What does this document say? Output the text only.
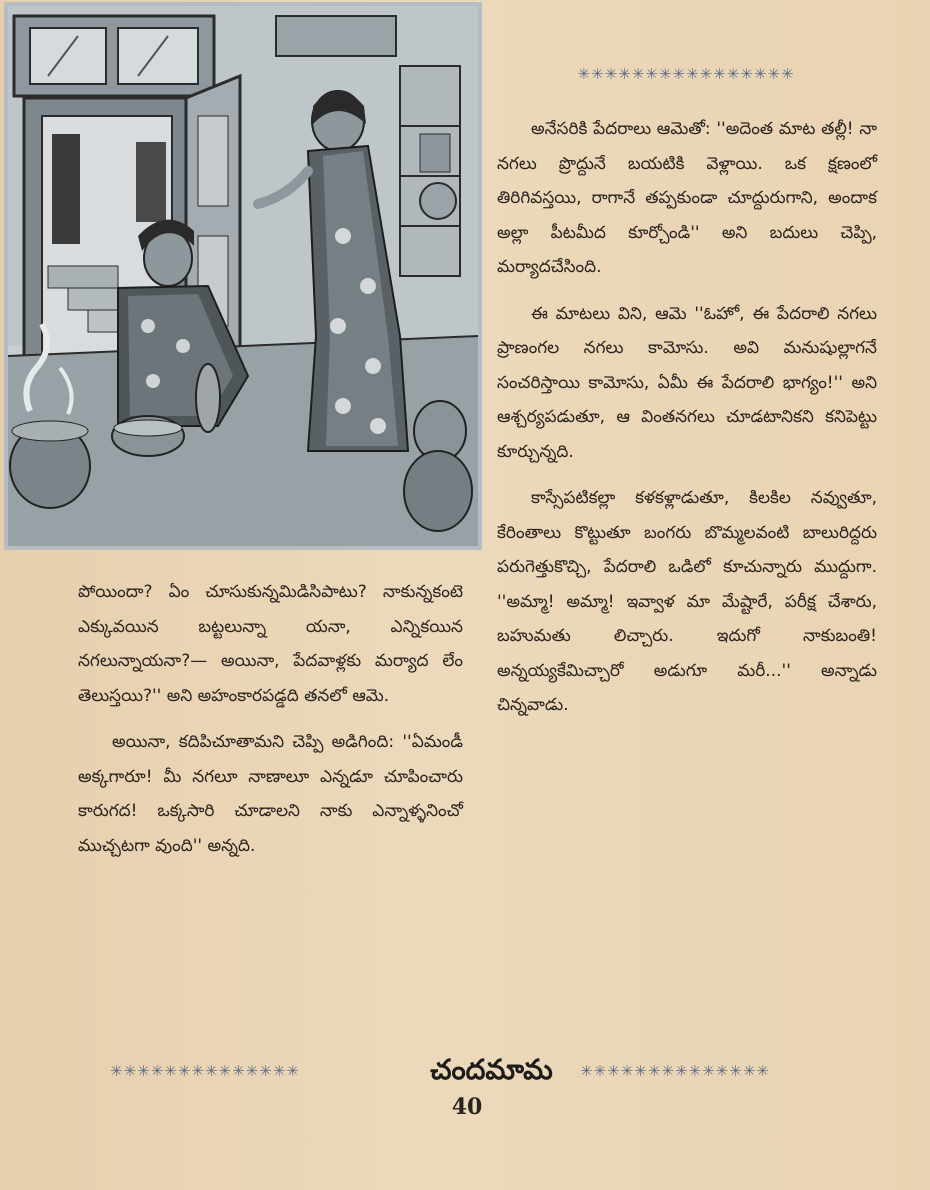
✳✳✳✳✳✳✳✳✳✳✳✳✳✳✳✳

అనేసరికి పేదరాలు ఆమెతో: ''అదెంత మాట తల్లీ! నా నగలు ప్రొద్దునే బయటికి వెళ్లాయి. ఒక క్షణంలో తిరిగివస్తయి, రాగానే తప్పకుండా చూద్దురుగాని, అందాక అల్లా పీటమీద కూర్చోండి'' అని బదులు చెప్పి, మర్యాదచేసింది.

ఈ మాటలు విని, ఆమె ''ఓహో, ఈ పేదరాలి నగలు ప్రాణంగల నగలు కామోసు. అవి మనుషుల్లాగనే సంచరిస్తాయి కామోసు, ఏమీ ఈ పేదరాలి భాగ్యం!'' అని ఆశ్చర్యపడుతూ, ఆ వింతనగలు చూడటానికని కనిపెట్టు కూర్చున్నది.

కాస్సేపటికల్లా కళకళ్లాడుతూ, కిలకిల నవ్వుతూ, కేరింతాలు కొట్టుతూ బంగరు బొమ్మలవంటి బాలురిద్దరు పరుగెత్తుకొచ్చి, పేదరాలి ఒడిలో కూచున్నారు ముద్దుగా. ''అమ్మా! అమ్మా! ఇవ్వాళ మా మేష్టారే, పరీక్ష చేశారు, బహుమతు లిచ్చారు. ఇదుగో నాకుబంతి! అన్నయ్యకేమిచ్చారో అడుగూ మరీ...'' అన్నాడు చిన్నవాడు.

పోయిందా? ఏం చూసుకున్నమిడిసిపాటు? నాకున్నకంటె ఎక్కువయిన బట్టలున్నా యనా, ఎన్నికయిన నగలున్నాయనా?— అయినా, పేదవాళ్లకు మర్యాద లేం తెలుస్తయి?'' అని అహంకారపడ్డది తనలో ఆమె.

అయినా, కదిపిచూతామని చెప్పి అడిగింది: ''ఏమండీ అక్కగారూ! మీ నగలూ నాణాలూ ఎన్నడూ చూపించారు కారుగద! ఒక్కసారి చూడాలని నాకు ఎన్నాళ్ళనించో ముచ్చటగా వుంది'' అన్నది.

✳✳✳✳✳✳✳✳✳✳✳✳✳✳	చందమామ	✳✳✳✳✳✳✳✳✳✳✳✳✳✳
40
